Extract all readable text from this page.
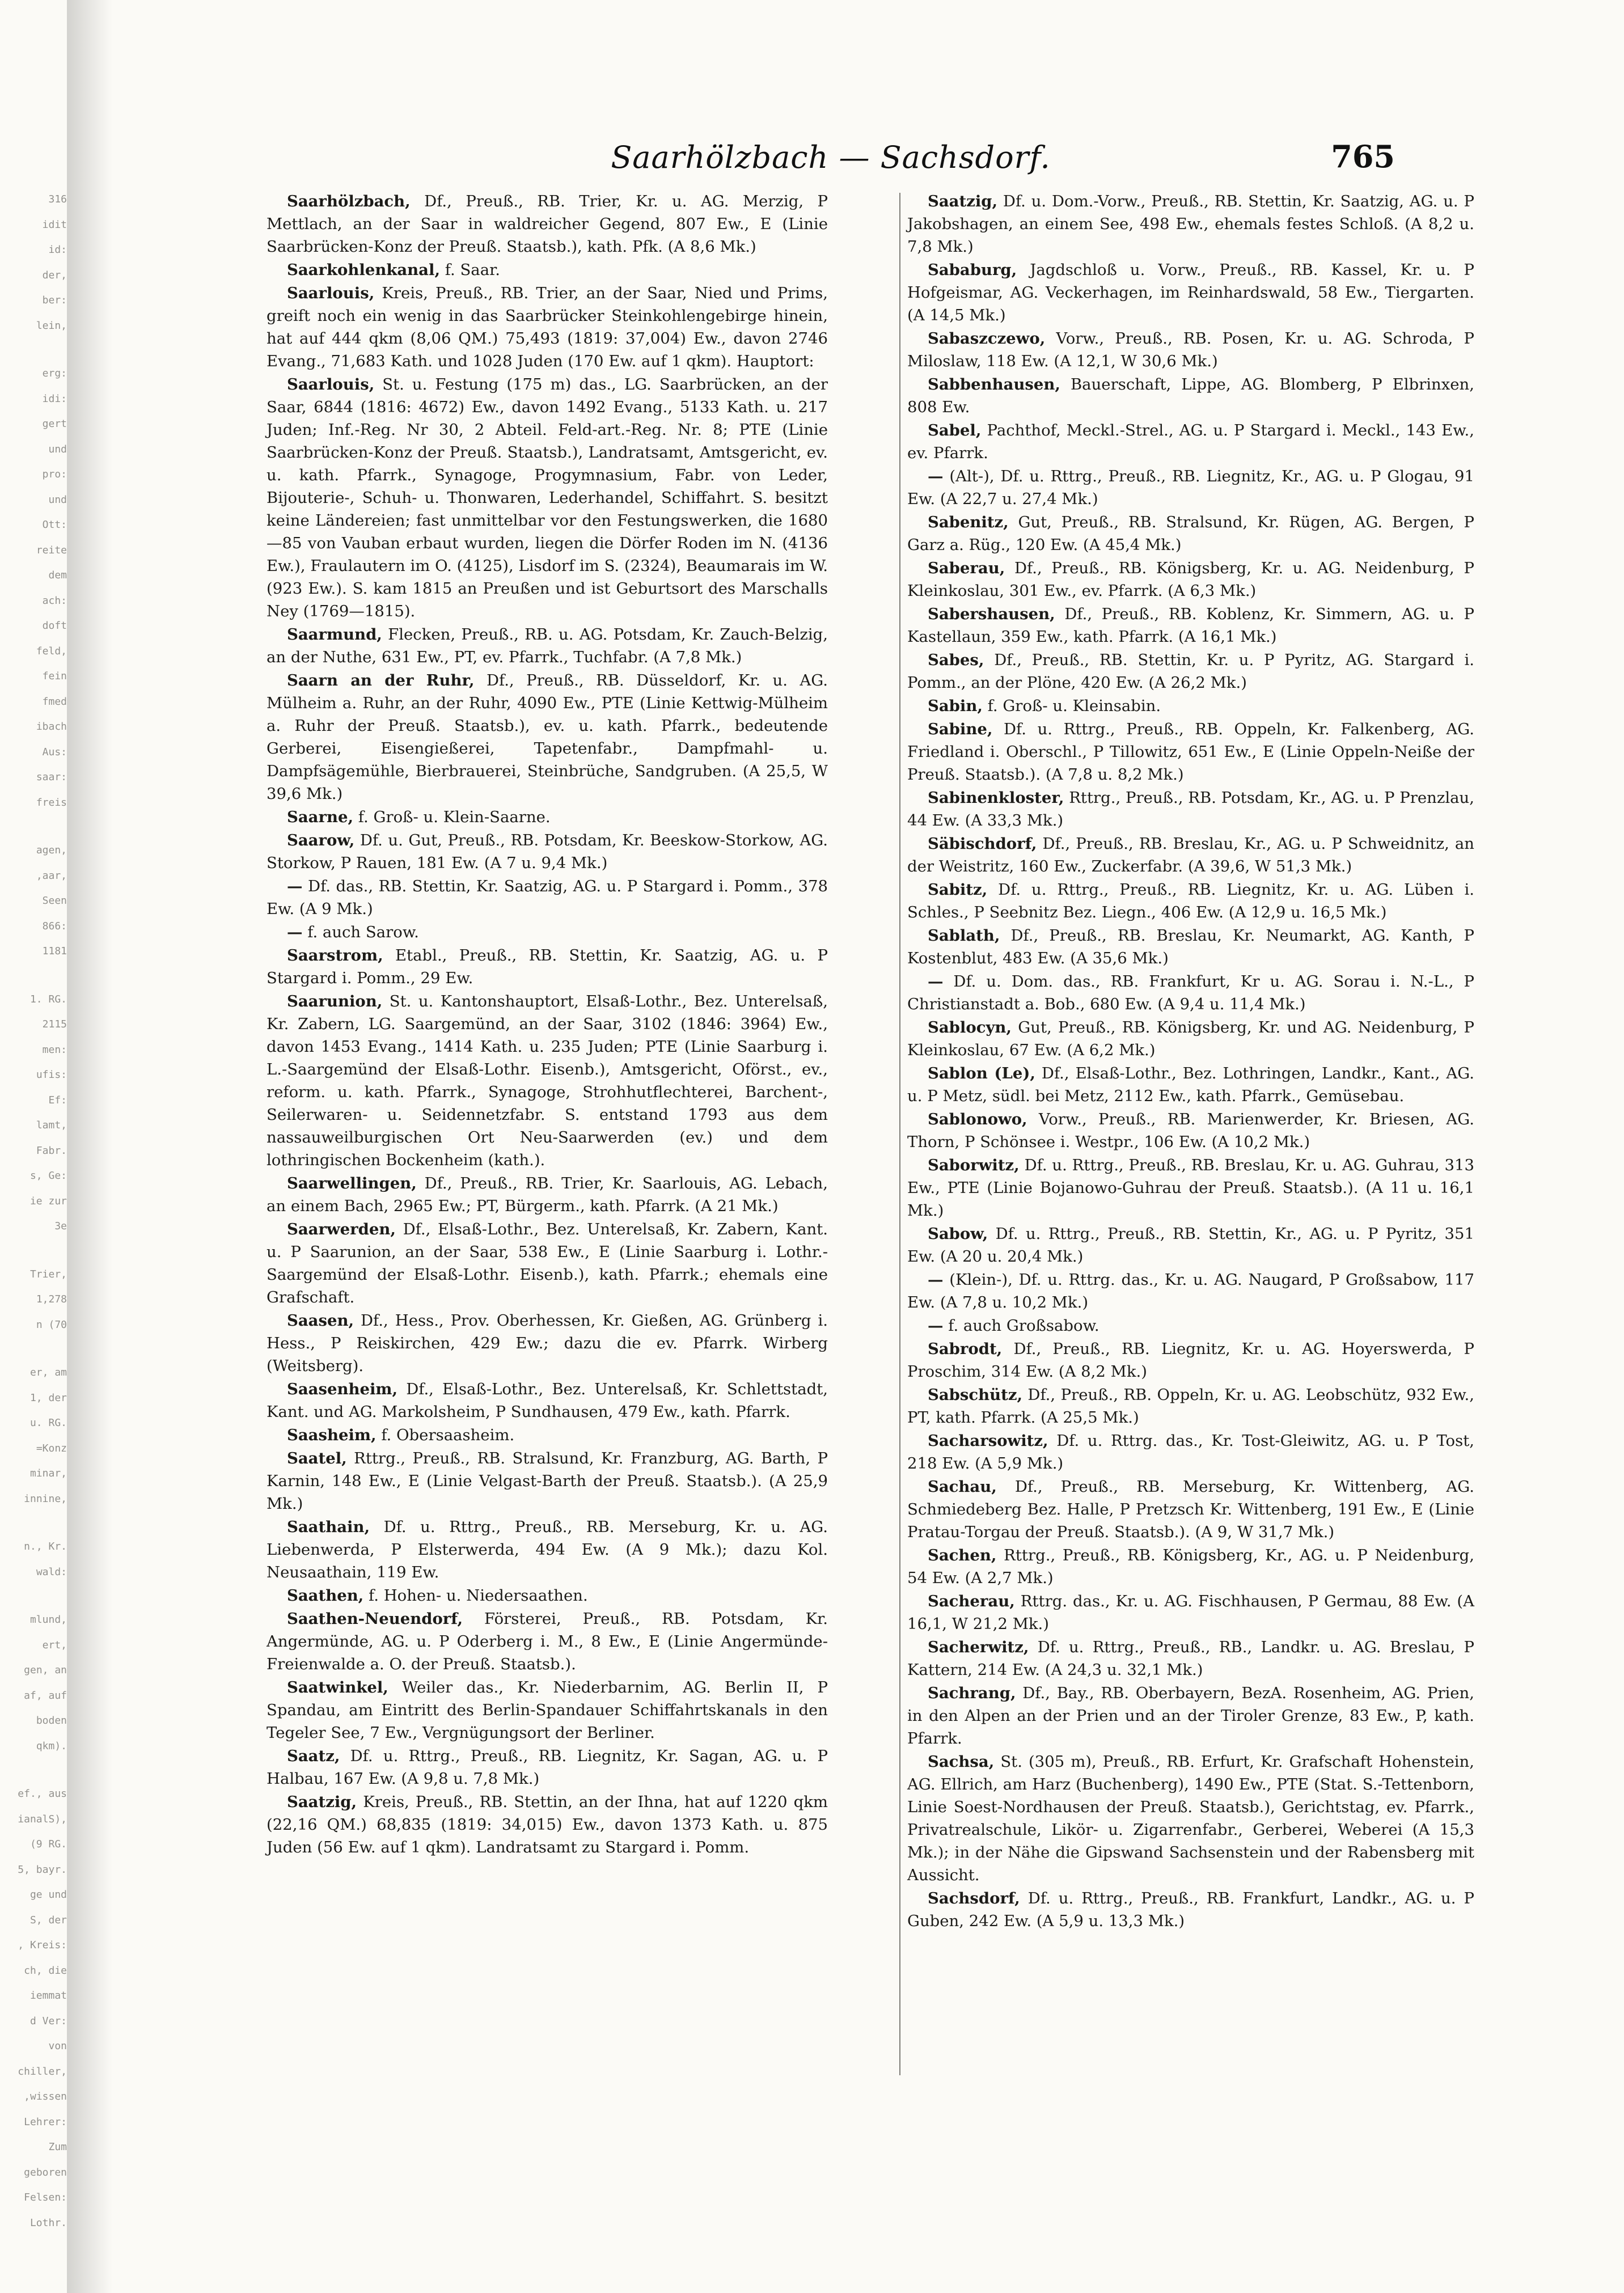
316
idit
id:
der,
ber:
lein,
erg:
idi:
gert
und
pro:
und
Ott:
reite
dem
ach:
doft
feld,
fein
fmed
ibach
Aus:
saar:
freis
agen,
,aar,
Seen
866:
1181
1. RG.
2115
men:
ufis:
Ef:
lamt,
Fabr.
s, Ge:
ie zur
3e
Trier,
1,278
n (70
er, am
1, der
u. RG.
=Konz
minar,
innine,
n., Kr.
wald:
mlund,
ert,
gen, an
af, auf
boden
qkm).
ef., aus
ianalS),
(9 RG.
5, bayr.
ge und
S, der
, Kreis:
ch, die
iemmat
d Ver:
von
chiller,
,wissen
Lehrer:
Zum
geboren
Felsen:
Lothr.
Saarhölzbach — Sachsdorf.	765

Saarhölzbach, Df., Preuß., RB. Trier, Kr. u. AG. Merzig, P Mettlach, an der Saar in waldreicher Gegend, 807 Ew., E (Linie Saarbrücken-Konz der Preuß. Staatsb.), kath. Pfk. (A 8,6 Mk.)

Saarkohlenkanal, f. Saar.

Saarlouis, Kreis, Preuß., RB. Trier, an der Saar, Nied und Prims, greift noch ein wenig in das Saarbrücker Steinkohlengebirge hinein, hat auf 444 qkm (8,06 QM.) 75,493 (1819: 37,004) Ew., davon 2746 Evang., 71,683 Kath. und 1028 Juden (170 Ew. auf 1 qkm). Hauptort:

Saarlouis, St. u. Festung (175 m) das., LG. Saarbrücken, an der Saar, 6844 (1816: 4672) Ew., davon 1492 Evang., 5133 Kath. u. 217 Juden; Inf.-Reg. Nr 30, 2 Abteil. Feld-art.-Reg. Nr. 8; PTE (Linie Saarbrücken-Konz der Preuß. Staatsb.), Landratsamt, Amtsgericht, ev. u. kath. Pfarrk., Synagoge, Progymnasium, Fabr. von Leder, Bijouterie-, Schuh- u. Thonwaren, Lederhandel, Schiffahrt. S. besitzt keine Ländereien; fast unmittelbar vor den Festungswerken, die 1680—85 von Vauban erbaut wurden, liegen die Dörfer Roden im N. (4136 Ew.), Fraulautern im O. (4125), Lisdorf im S. (2324), Beaumarais im W. (923 Ew.). S. kam 1815 an Preußen und ist Geburtsort des Marschalls Ney (1769—1815).

Saarmund, Flecken, Preuß., RB. u. AG. Potsdam, Kr. Zauch-Belzig, an der Nuthe, 631 Ew., PT, ev. Pfarrk., Tuchfabr. (A 7,8 Mk.)

Saarn an der Ruhr, Df., Preuß., RB. Düsseldorf, Kr. u. AG. Mülheim a. Ruhr, an der Ruhr, 4090 Ew., PTE (Linie Kettwig-Mülheim a. Ruhr der Preuß. Staatsb.), ev. u. kath. Pfarrk., bedeutende Gerberei, Eisengießerei, Tapetenfabr., Dampfmahl- u. Dampfsägemühle, Bierbrauerei, Steinbrüche, Sandgruben. (A 25,5, W 39,6 Mk.)

Saarne, f. Groß- u. Klein-Saarne.

Saarow, Df. u. Gut, Preuß., RB. Potsdam, Kr. Beeskow-Storkow, AG. Storkow, P Rauen, 181 Ew. (A 7 u. 9,4 Mk.)

— Df. das., RB. Stettin, Kr. Saatzig, AG. u. P Stargard i. Pomm., 378 Ew. (A 9 Mk.)

— f. auch Sarow.

Saarstrom, Etabl., Preuß., RB. Stettin, Kr. Saatzig, AG. u. P Stargard i. Pomm., 29 Ew.

Saarunion, St. u. Kantonshauptort, Elsaß-Lothr., Bez. Unterelsaß, Kr. Zabern, LG. Saargemünd, an der Saar, 3102 (1846: 3964) Ew., davon 1453 Evang., 1414 Kath. u. 235 Juden; PTE (Linie Saarburg i. L.-Saargemünd der Elsaß-Lothr. Eisenb.), Amtsgericht, Oförst., ev., reform. u. kath. Pfarrk., Synagoge, Strohhutflechterei, Barchent-, Seilerwaren- u. Seidennetzfabr. S. entstand 1793 aus dem nassauweilburgischen Ort Neu-Saarwerden (ev.) und dem lothringischen Bockenheim (kath.).

Saarwellingen, Df., Preuß., RB. Trier, Kr. Saarlouis, AG. Lebach, an einem Bach, 2965 Ew.; PT, Bürgerm., kath. Pfarrk. (A 21 Mk.)

Saarwerden, Df., Elsaß-Lothr., Bez. Unterelsaß, Kr. Zabern, Kant. u. P Saarunion, an der Saar, 538 Ew., E (Linie Saarburg i. Lothr.-Saargemünd der Elsaß-Lothr. Eisenb.), kath. Pfarrk.; ehemals eine Grafschaft.

Saasen, Df., Hess., Prov. Oberhessen, Kr. Gießen, AG. Grünberg i. Hess., P Reiskirchen, 429 Ew.; dazu die ev. Pfarrk. Wirberg (Weitsberg).

Saasenheim, Df., Elsaß-Lothr., Bez. Unterelsaß, Kr. Schlettstadt, Kant. und AG. Markolsheim, P Sundhausen, 479 Ew., kath. Pfarrk.

Saasheim, f. Obersaasheim.

Saatel, Rttrg., Preuß., RB. Stralsund, Kr. Franzburg, AG. Barth, P Karnin, 148 Ew., E (Linie Velgast-Barth der Preuß. Staatsb.). (A 25,9 Mk.)

Saathain, Df. u. Rttrg., Preuß., RB. Merseburg, Kr. u. AG. Liebenwerda, P Elsterwerda, 494 Ew. (A 9 Mk.); dazu Kol. Neusaathain, 119 Ew.

Saathen, f. Hohen- u. Niedersaathen.

Saathen-Neuendorf, Försterei, Preuß., RB. Potsdam, Kr. Angermünde, AG. u. P Oderberg i. M., 8 Ew., E (Linie Angermünde-Freienwalde a. O. der Preuß. Staatsb.).

Saatwinkel, Weiler das., Kr. Niederbarnim, AG. Berlin II, P Spandau, am Eintritt des Berlin-Spandauer Schiffahrtskanals in den Tegeler See, 7 Ew., Vergnügungsort der Berliner.

Saatz, Df. u. Rttrg., Preuß., RB. Liegnitz, Kr. Sagan, AG. u. P Halbau, 167 Ew. (A 9,8 u. 7,8 Mk.)

Saatzig, Kreis, Preuß., RB. Stettin, an der Ihna, hat auf 1220 qkm (22,16 QM.) 68,835 (1819: 34,015) Ew., davon 1373 Kath. u. 875 Juden (56 Ew. auf 1 qkm). Landratsamt zu Stargard i. Pomm.

Saatzig, Df. u. Dom.-Vorw., Preuß., RB. Stettin, Kr. Saatzig, AG. u. P Jakobshagen, an einem See, 498 Ew., ehemals festes Schloß. (A 8,2 u. 7,8 Mk.)

Sababurg, Jagdschloß u. Vorw., Preuß., RB. Kassel, Kr. u. P Hofgeismar, AG. Veckerhagen, im Reinhardswald, 58 Ew., Tiergarten. (A 14,5 Mk.)

Sabaszczewo, Vorw., Preuß., RB. Posen, Kr. u. AG. Schroda, P Miloslaw, 118 Ew. (A 12,1, W 30,6 Mk.)

Sabbenhausen, Bauerschaft, Lippe, AG. Blomberg, P Elbrinxen, 808 Ew.

Sabel, Pachthof, Meckl.-Strel., AG. u. P Stargard i. Meckl., 143 Ew., ev. Pfarrk.

— (Alt-), Df. u. Rttrg., Preuß., RB. Liegnitz, Kr., AG. u. P Glogau, 91 Ew. (A 22,7 u. 27,4 Mk.)

Sabenitz, Gut, Preuß., RB. Stralsund, Kr. Rügen, AG. Bergen, P Garz a. Rüg., 120 Ew. (A 45,4 Mk.)

Saberau, Df., Preuß., RB. Königsberg, Kr. u. AG. Neidenburg, P Kleinkoslau, 301 Ew., ev. Pfarrk. (A 6,3 Mk.)

Sabershausen, Df., Preuß., RB. Koblenz, Kr. Simmern, AG. u. P Kastellaun, 359 Ew., kath. Pfarrk. (A 16,1 Mk.)

Sabes, Df., Preuß., RB. Stettin, Kr. u. P Pyritz, AG. Stargard i. Pomm., an der Plöne, 420 Ew. (A 26,2 Mk.)

Sabin, f. Groß- u. Kleinsabin.

Sabine, Df. u. Rttrg., Preuß., RB. Oppeln, Kr. Falkenberg, AG. Friedland i. Oberschl., P Tillowitz, 651 Ew., E (Linie Oppeln-Neiße der Preuß. Staatsb.). (A 7,8 u. 8,2 Mk.)

Sabinenkloster, Rttrg., Preuß., RB. Potsdam, Kr., AG. u. P Prenzlau, 44 Ew. (A 33,3 Mk.)

Säbischdorf, Df., Preuß., RB. Breslau, Kr., AG. u. P Schweidnitz, an der Weistritz, 160 Ew., Zuckerfabr. (A 39,6, W 51,3 Mk.)

Sabitz, Df. u. Rttrg., Preuß., RB. Liegnitz, Kr. u. AG. Lüben i. Schles., P Seebnitz Bez. Liegn., 406 Ew. (A 12,9 u. 16,5 Mk.)

Sablath, Df., Preuß., RB. Breslau, Kr. Neumarkt, AG. Kanth, P Kostenblut, 483 Ew. (A 35,6 Mk.)

— Df. u. Dom. das., RB. Frankfurt, Kr u. AG. Sorau i. N.-L., P Christianstadt a. Bob., 680 Ew. (A 9,4 u. 11,4 Mk.)

Sablocyn, Gut, Preuß., RB. Königsberg, Kr. und AG. Neidenburg, P Kleinkoslau, 67 Ew. (A 6,2 Mk.)

Sablon (Le), Df., Elsaß-Lothr., Bez. Lothringen, Landkr., Kant., AG. u. P Metz, südl. bei Metz, 2112 Ew., kath. Pfarrk., Gemüsebau.

Sablonowo, Vorw., Preuß., RB. Marienwerder, Kr. Briesen, AG. Thorn, P Schönsee i. Westpr., 106 Ew. (A 10,2 Mk.)

Saborwitz, Df. u. Rttrg., Preuß., RB. Breslau, Kr. u. AG. Guhrau, 313 Ew., PTE (Linie Bojanowo-Guhrau der Preuß. Staatsb.). (A 11 u. 16,1 Mk.)

Sabow, Df. u. Rttrg., Preuß., RB. Stettin, Kr., AG. u. P Pyritz, 351 Ew. (A 20 u. 20,4 Mk.)

— (Klein-), Df. u. Rttrg. das., Kr. u. AG. Naugard, P Großsabow, 117 Ew. (A 7,8 u. 10,2 Mk.)

— f. auch Großsabow.

Sabrodt, Df., Preuß., RB. Liegnitz, Kr. u. AG. Hoyerswerda, P Proschim, 314 Ew. (A 8,2 Mk.)

Sabschütz, Df., Preuß., RB. Oppeln, Kr. u. AG. Leobschütz, 932 Ew., PT, kath. Pfarrk. (A 25,5 Mk.)

Sacharsowitz, Df. u. Rttrg. das., Kr. Tost-Gleiwitz, AG. u. P Tost, 218 Ew. (A 5,9 Mk.)

Sachau, Df., Preuß., RB. Merseburg, Kr. Wittenberg, AG. Schmiedeberg Bez. Halle, P Pretzsch Kr. Wittenberg, 191 Ew., E (Linie Pratau-Torgau der Preuß. Staatsb.). (A 9, W 31,7 Mk.)

Sachen, Rttrg., Preuß., RB. Königsberg, Kr., AG. u. P Neidenburg, 54 Ew. (A 2,7 Mk.)

Sacherau, Rttrg. das., Kr. u. AG. Fischhausen, P Germau, 88 Ew. (A 16,1, W 21,2 Mk.)

Sacherwitz, Df. u. Rttrg., Preuß., RB., Landkr. u. AG. Breslau, P Kattern, 214 Ew. (A 24,3 u. 32,1 Mk.)

Sachrang, Df., Bay., RB. Oberbayern, BezA. Rosenheim, AG. Prien, in den Alpen an der Prien und an der Tiroler Grenze, 83 Ew., P, kath. Pfarrk.

Sachsa, St. (305 m), Preuß., RB. Erfurt, Kr. Grafschaft Hohenstein, AG. Ellrich, am Harz (Buchenberg), 1490 Ew., PTE (Stat. S.-Tettenborn, Linie Soest-Nordhausen der Preuß. Staatsb.), Gerichtstag, ev. Pfarrk., Privatrealschule, Likör- u. Zigarrenfabr., Gerberei, Weberei (A 15,3 Mk.); in der Nähe die Gipswand Sachsenstein und der Rabensberg mit Aussicht.

Sachsdorf, Df. u. Rttrg., Preuß., RB. Frankfurt, Landkr., AG. u. P Guben, 242 Ew. (A 5,9 u. 13,3 Mk.)
